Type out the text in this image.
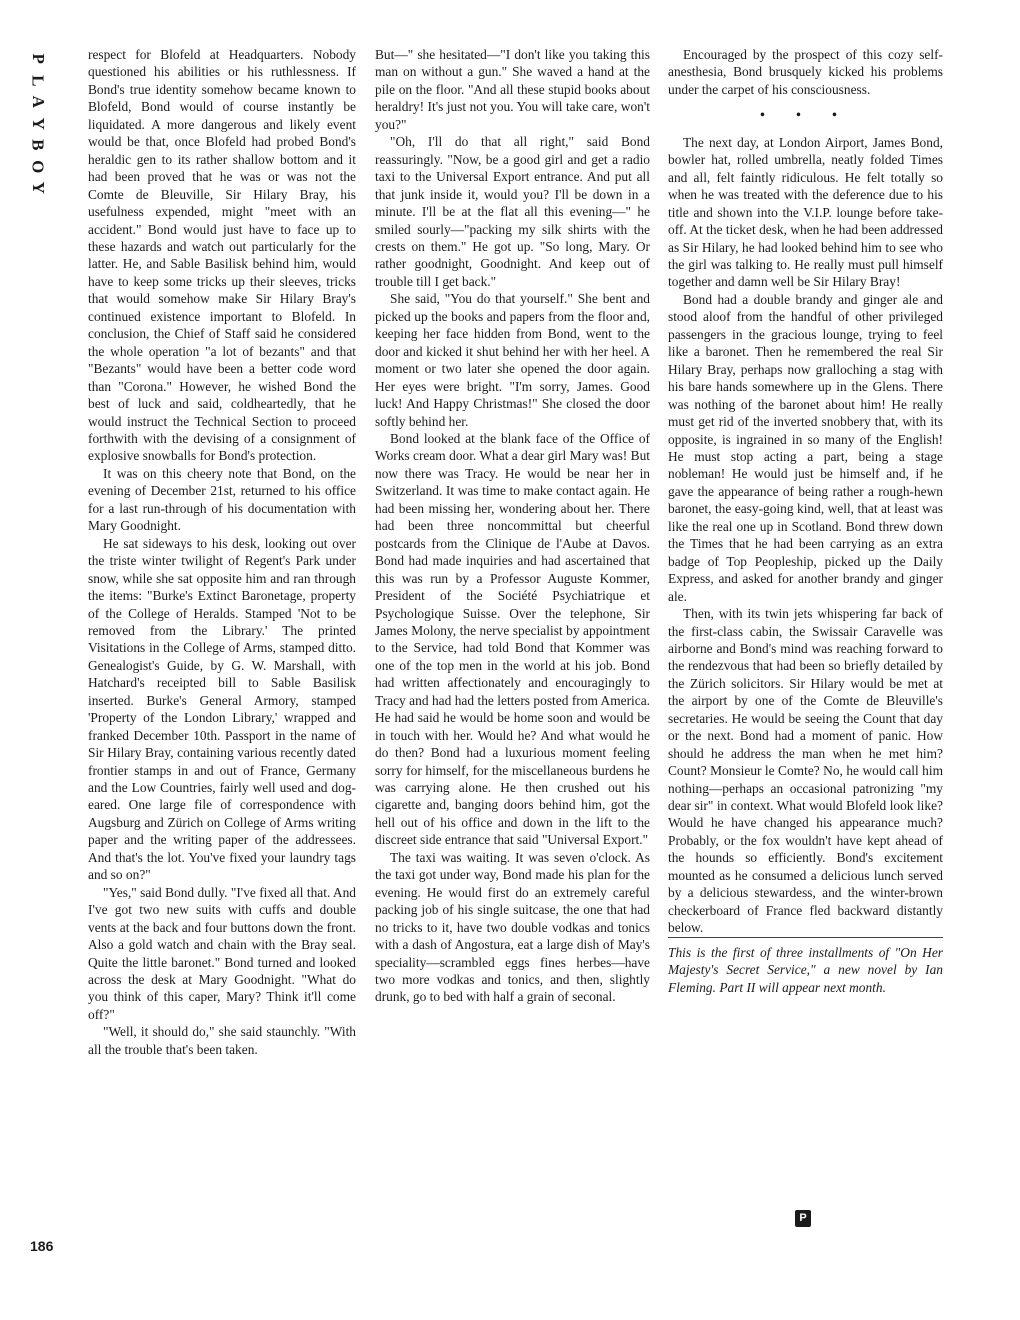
P
L
A
Y
B
O
Y

respect for Blofeld at Headquarters. Nobody questioned his abilities or his ruthlessness. If Bond's true identity somehow became known to Blofeld, Bond would of course instantly be liquidated. A more dangerous and likely event would be that, once Blofeld had probed Bond's heraldic gen to its rather shallow bottom and it had been proved that he was or was not the Comte de Bleuville, Sir Hilary Bray, his usefulness expended, might "meet with an accident." Bond would just have to face up to these hazards and watch out particularly for the latter. He, and Sable Basilisk behind him, would have to keep some tricks up their sleeves, tricks that would somehow make Sir Hilary Bray's continued existence important to Blofeld. In conclusion, the Chief of Staff said he considered the whole operation "a lot of bezants" and that "Bezants" would have been a better code word than "Corona." However, he wished Bond the best of luck and said, coldheartedly, that he would instruct the Technical Section to proceed forthwith with the devising of a consignment of explosive snowballs for Bond's protection.

It was on this cheery note that Bond, on the evening of December 21st, returned to his office for a last run-through of his documentation with Mary Goodnight.

He sat sideways to his desk, looking out over the triste winter twilight of Regent's Park under snow, while she sat opposite him and ran through the items: "Burke's Extinct Baronetage, property of the College of Heralds. Stamped 'Not to be removed from the Library.' The printed Visitations in the College of Arms, stamped ditto. Genealogist's Guide, by G. W. Marshall, with Hatchard's receipted bill to Sable Basilisk inserted. Burke's General Armory, stamped 'Property of the London Library,' wrapped and franked December 10th. Passport in the name of Sir Hilary Bray, containing various recently dated frontier stamps in and out of France, Germany and the Low Countries, fairly well used and dog-eared. One large file of correspondence with Augsburg and Zürich on College of Arms writing paper and the writing paper of the addressees. And that's the lot. You've fixed your laundry tags and so on?"

"Yes," said Bond dully. "I've fixed all that. And I've got two new suits with cuffs and double vents at the back and four buttons down the front. Also a gold watch and chain with the Bray seal. Quite the little baronet." Bond turned and looked across the desk at Mary Goodnight. "What do you think of this caper, Mary? Think it'll come off?"

"Well, it should do," she said staunchly. "With all the trouble that's been taken.

But—" she hesitated—"I don't like you taking this man on without a gun." She waved a hand at the pile on the floor. "And all these stupid books about heraldry! It's just not you. You will take care, won't you?"

"Oh, I'll do that all right," said Bond reassuringly. "Now, be a good girl and get a radio taxi to the Universal Export entrance. And put all that junk inside it, would you? I'll be down in a minute. I'll be at the flat all this evening—" he smiled sourly—"packing my silk shirts with the crests on them." He got up. "So long, Mary. Or rather goodnight, Goodnight. And keep out of trouble till I get back."

She said, "You do that yourself." She bent and picked up the books and papers from the floor and, keeping her face hidden from Bond, went to the door and kicked it shut behind her with her heel. A moment or two later she opened the door again. Her eyes were bright. "I'm sorry, James. Good luck! And Happy Christmas!" She closed the door softly behind her.

Bond looked at the blank face of the Office of Works cream door. What a dear girl Mary was! But now there was Tracy. He would be near her in Switzerland. It was time to make contact again. He had been missing her, wondering about her. There had been three noncommittal but cheerful postcards from the Clinique de l'Aube at Davos. Bond had made inquiries and had ascertained that this was run by a Professor Auguste Kommer, President of the Société Psychiatrique et Psychologique Suisse. Over the telephone, Sir James Molony, the nerve specialist by appointment to the Service, had told Bond that Kommer was one of the top men in the world at his job. Bond had written affectionately and encouragingly to Tracy and had had the letters posted from America. He had said he would be home soon and would be in touch with her. Would he? And what would he do then? Bond had a luxurious moment feeling sorry for himself, for the miscellaneous burdens he was carrying alone. He then crushed out his cigarette and, banging doors behind him, got the hell out of his office and down in the lift to the discreet side entrance that said "Universal Export."

The taxi was waiting. It was seven o'clock. As the taxi got under way, Bond made his plan for the evening. He would first do an extremely careful packing job of his single suitcase, the one that had no tricks to it, have two double vodkas and tonics with a dash of Angostura, eat a large dish of May's speciality—scrambled eggs fines herbes—have two more vodkas and tonics, and then, slightly drunk, go to bed with half a grain of seconal.

Encouraged by the prospect of this cozy self-anesthesia, Bond brusquely kicked his problems under the carpet of his consciousness.

• • •

The next day, at London Airport, James Bond, bowler hat, rolled umbrella, neatly folded Times and all, felt faintly ridiculous. He felt totally so when he was treated with the deference due to his title and shown into the V.I.P. lounge before take-off. At the ticket desk, when he had been addressed as Sir Hilary, he had looked behind him to see who the girl was talking to. He really must pull himself together and damn well be Sir Hilary Bray!

Bond had a double brandy and ginger ale and stood aloof from the handful of other privileged passengers in the gracious lounge, trying to feel like a baronet. Then he remembered the real Sir Hilary Bray, perhaps now gralloching a stag with his bare hands somewhere up in the Glens. There was nothing of the baronet about him! He really must get rid of the inverted snobbery that, with its opposite, is ingrained in so many of the English! He must stop acting a part, being a stage nobleman! He would just be himself and, if he gave the appearance of being rather a rough-hewn baronet, the easy-going kind, well, that at least was like the real one up in Scotland. Bond threw down the Times that he had been carrying as an extra badge of Top Peopleship, picked up the Daily Express, and asked for another brandy and ginger ale.

Then, with its twin jets whispering far back of the first-class cabin, the Swissair Caravelle was airborne and Bond's mind was reaching forward to the rendezvous that had been so briefly detailed by the Zürich solicitors. Sir Hilary would be met at the airport by one of the Comte de Bleuville's secretaries. He would be seeing the Count that day or the next. Bond had a moment of panic. How should he address the man when he met him? Count? Monsieur le Comte? No, he would call him nothing—perhaps an occasional patronizing "my dear sir" in context. What would Blofeld look like? Would he have changed his appearance much? Probably, or the fox wouldn't have kept ahead of the hounds so efficiently. Bond's excitement mounted as he consumed a delicious lunch served by a delicious stewardess, and the winter-brown checkerboard of France fled backward distantly below.

This is the first of three installments of "On Her Majesty's Secret Service," a new novel by Ian Fleming. Part II will appear next month.

P
186
